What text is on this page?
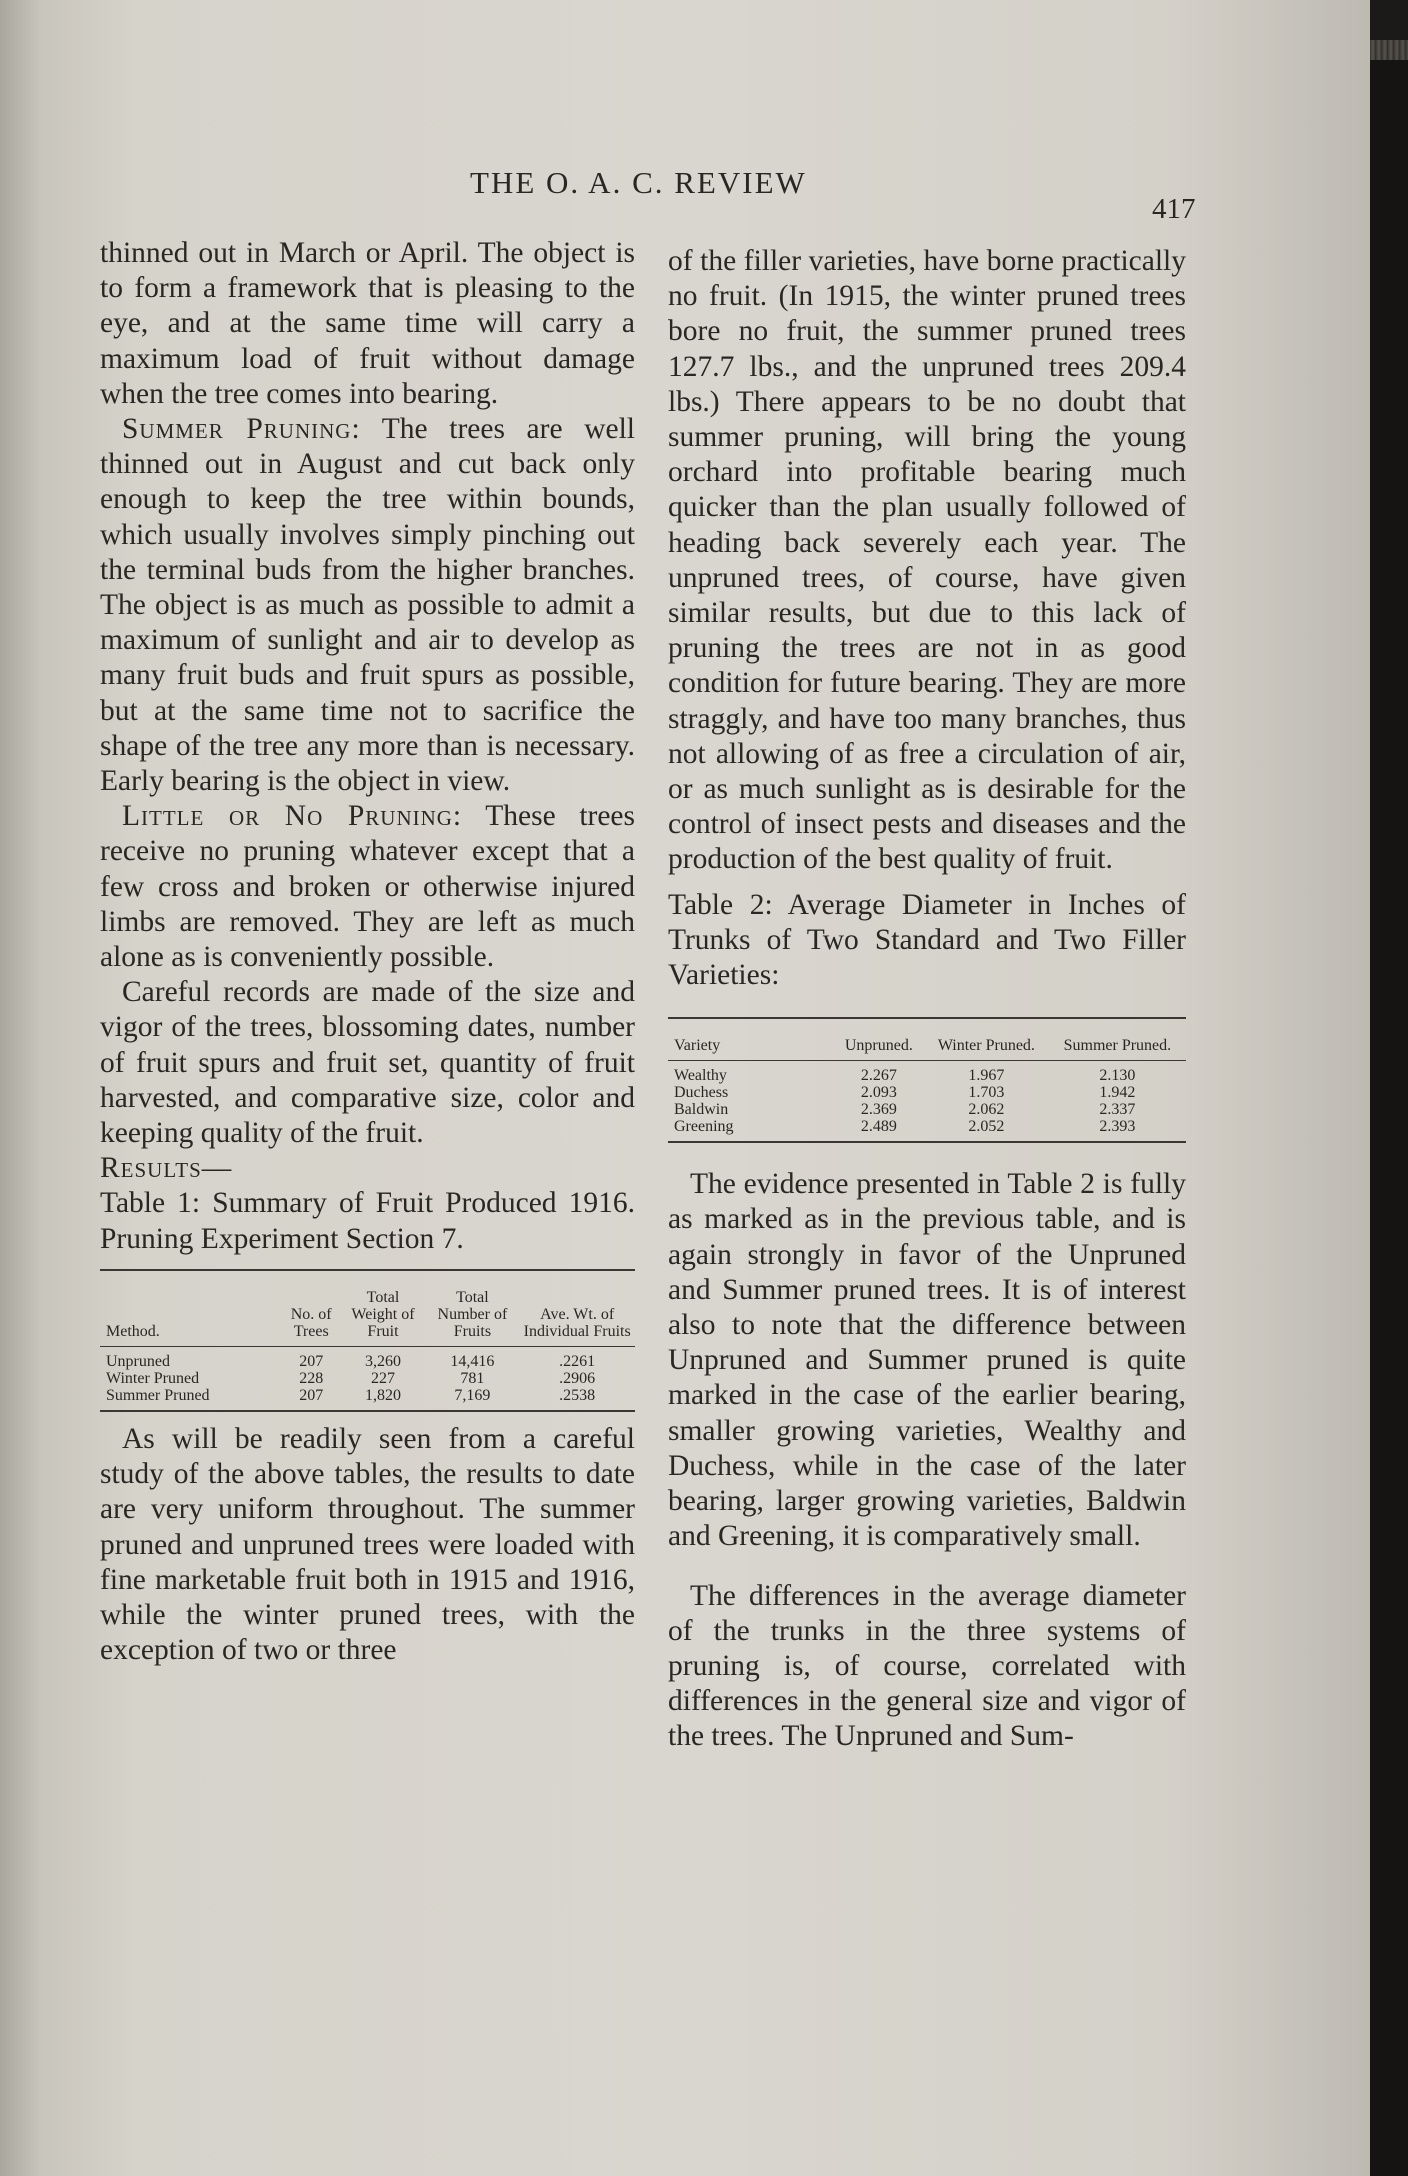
THE O. A. C. REVIEW
417

thinned out in March or April. The object is to form a framework that is pleasing to the eye, and at the same time will carry a maximum load of fruit without damage when the tree comes into bearing.

Summer Pruning: The trees are well thinned out in August and cut back only enough to keep the tree within bounds, which usually involves simply pinching out the terminal buds from the higher branches. The object is as much as possible to admit a maximum of sunlight and air to develop as many fruit buds and fruit spurs as possible, but at the same time not to sacrifice the shape of the tree any more than is necessary. Early bearing is the object in view.

Little or No Pruning: These trees receive no pruning whatever except that a few cross and broken or otherwise injured limbs are removed. They are left as much alone as is conveniently possible.

Careful records are made of the size and vigor of the trees, blossoming dates, number of fruit spurs and fruit set, quantity of fruit harvested, and comparative size, color and keeping quality of the fruit.

Results—

Table 1: Summary of Fruit Produced 1916. Pruning Experiment Section 7.

Method.	No. of Trees	Total Weight of Fruit	Total Number of Fruits	Ave. Wt. of Individual Fruits

Unpruned	207	3,260	14,416	.2261
Winter Pruned	228	227	781	.2906
Summer Pruned	207	1,820	7,169	.2538

As will be readily seen from a careful study of the above tables, the results to date are very uniform throughout. The summer pruned and unpruned trees were loaded with fine marketable fruit both in 1915 and 1916, while the winter pruned trees, with the exception of two or three

of the filler varieties, have borne practically no fruit. (In 1915, the winter pruned trees bore no fruit, the summer pruned trees 127.7 lbs., and the unpruned trees 209.4 lbs.) There appears to be no doubt that summer pruning, will bring the young orchard into profitable bearing much quicker than the plan usually followed of heading back severely each year. The unpruned trees, of course, have given similar results, but due to this lack of pruning the trees are not in as good condition for future bearing. They are more straggly, and have too many branches, thus not allowing of as free a circulation of air, or as much sunlight as is desirable for the control of insect pests and diseases and the production of the best quality of fruit.

Table 2: Average Diameter in Inches of Trunks of Two Standard and Two Filler Varieties:

Variety	Unpruned.	Winter Pruned.	Summer Pruned.

Wealthy	2.267	1.967	2.130
Duchess	2.093	1.703	1.942
Baldwin	2.369	2.062	2.337
Greening	2.489	2.052	2.393

The evidence presented in Table 2 is fully as marked as in the previous table, and is again strongly in favor of the Unpruned and Summer pruned trees. It is of interest also to note that the difference between Unpruned and Summer pruned is quite marked in the case of the earlier bearing, smaller growing varieties, Wealthy and Duchess, while in the case of the later bearing, larger growing varieties, Baldwin and Greening, it is comparatively small.

The differences in the average diameter of the trunks in the three systems of pruning is, of course, correlated with differences in the general size and vigor of the trees. The Unpruned and Sum-
